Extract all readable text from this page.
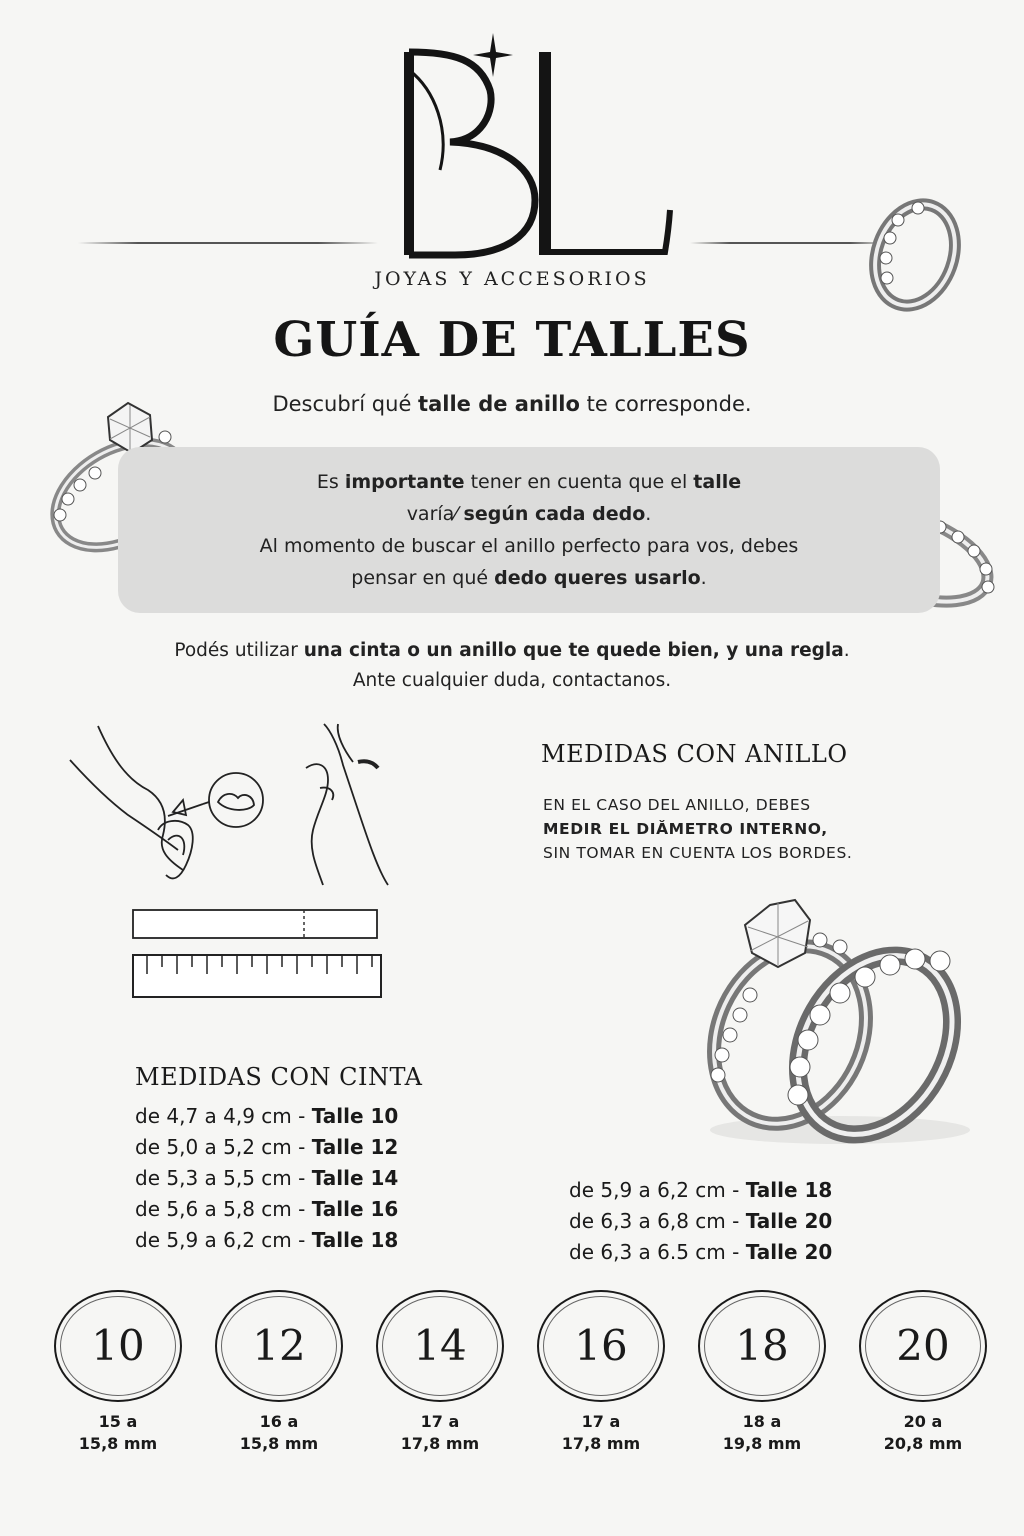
JOYAS Y ACCESORIOS
GUÍA DE TALLES
Descubrí qué talle de anillo te corresponde.
Es importante tener en cuenta que el talle
varía⁄ según cada dedo.
Al momento de buscar el anillo perfecto para vos, debes
pensar en qué dedo queres usarlo.
Podés utilizar una cinta o un anillo que te quede bien, y una regla.
Ante cualquier duda, contactanos.
MEDIDAS CON ANILLO
EN EL CASO DEL ANILLO, DEBES
MEDIR EL DIǍMETRO INTERNO,
SIN TOMAR EN CUENTA LOS BORDES.
MEDIDAS CON CINTA
de 4,7 a 4,9 cm - Talle 10
de 5,0 a 5,2 cm - Talle 12
de 5,3 a 5,5 cm - Talle 14
de 5,6 a 5,8 cm - Talle 16
de 5,9 a 6,2 cm - Talle 18
de 5,9 a 6,2 cm - Talle 18
de 6,3 a 6,8 cm - Talle 20
de 6,3 a 6.5 cm - Talle 20
10
15 a
15,8 mm
12
16 a
15,8 mm
14
17 a
17,8 mm
16
17 a
17,8 mm
18
18 a
19,8 mm
20
20 a
20,8 mm
